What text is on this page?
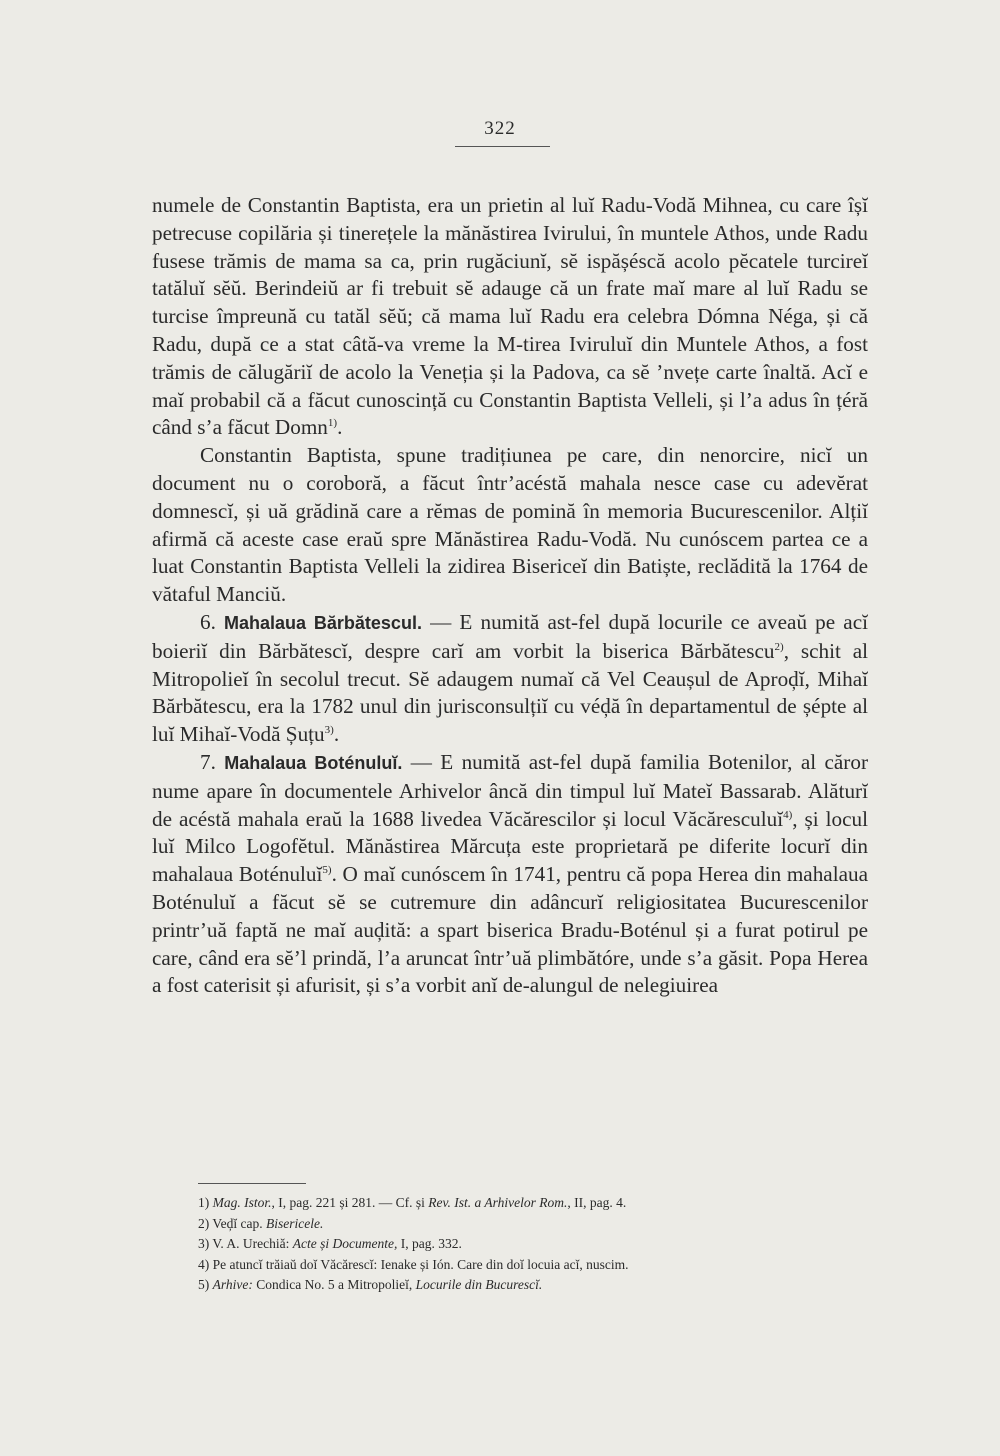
322

numele de Constantin Baptista, era un prietin al luĭ Radu-Vodă Mihnea, cu care îșĭ petrecuse copilăria și tinerețele la mănăstirea Ivirului, în muntele Athos, unde Radu fusese trămis de mama sa ca, prin rugăciunĭ, sĕ ispășéscă acolo pĕcatele turcireĭ tatăluĭ sĕŭ. Berindeiŭ ar fi trebuit sĕ adauge că un frate maĭ mare al luĭ Radu se turcise împreună cu tatăl sĕŭ; că mama luĭ Radu era celebra Dómna Néga, și că Radu, după ce a stat câtă-va vreme la M-tirea Iviruluĭ din Muntele Athos, a fost trămis de călugăriĭ de acolo la Veneția și la Padova, ca sĕ ’nvețe carte înaltă. Acĭ e maĭ probabil că a făcut cunoscință cu Constantin Baptista Velleli, și l’a adus în țéră când s’a făcut Domn$^{1)}$.

Constantin Baptista, spune tradițiunea pe care, din nenorcire, nicĭ un document nu o coroboră, a făcut într’acéstă mahala nesce case cu adevĕrat domnescĭ, și uă grădină care a rĕmas de pomină în memoria Bucurescenilor. Alțiĭ afirmă că aceste case eraŭ spre Mănăstirea Radu-Vodă. Nu cunóscem partea ce a luat Constantin Baptista Velleli la zidirea Bisericeĭ din Batiște, reclădită la 1764 de vătaful Manciŭ.

6. Mahalaua Bărbătescul. — E numită ast-fel după locurile ce aveaŭ pe acĭ boieriĭ din Bărbătescĭ, despre carĭ am vorbit la biserica Bărbătescu$^{2)}$, schit al Mitropolieĭ în secolul trecut. Sĕ adaugem numaĭ că Vel Ceaușul de Aproḑĭ, Mihaĭ Bărbătescu, era la 1782 unul din jurisconsulțiĭ cu véḑă în departamentul de șépte al luĭ Mihaĭ-Vodă Șuțu$^{3)}$.

7. Mahalaua Boténuluĭ. — E numită ast-fel după familia Botenilor, al căror nume apare în documentele Arhivelor âncă din timpul luĭ Mateĭ Bassarab. Alăturĭ de acéstă mahala eraŭ la 1688 livedea Văcărescilor și locul Văcăresculuĭ$^{4)}$, și locul luĭ Milco Logofĕtul. Mănăstirea Mărcuța este proprietară pe diferite locurĭ din mahalaua Boténuluĭ$^{5)}$. O maĭ cunóscem în 1741, pentru că popa Herea din mahalaua Boténuluĭ a făcut sĕ se cutremure din adâncurĭ religiositatea Bucurescenilor printr’uă faptă ne maĭ auḑită: a spart biserica Bradu-Boténul și a furat potirul pe care, când era sĕ’l prindă, l’a aruncat într’uă plimbătóre, unde s’a găsit. Popa Herea a fost caterisit și afurisit, și s’a vorbit anĭ de-alungul de nelegiuirea

1) Mag. Istor., I, pag. 221 și 281. — Cf. și Rev. Ist. a Arhivelor Rom., II, pag. 4.
2) Veḑĭ cap. Bisericele.
3) V. A. Urechiă: Acte și Documente, I, pag. 332.
4) Pe atuncĭ trăiaŭ doĭ Văcărescĭ: Ienake și Ión. Care din doĭ locuia acĭ, nuscim.
5) Arhive: Condica No. 5 a Mitropolieĭ, Locurile din Bucurescĭ.
